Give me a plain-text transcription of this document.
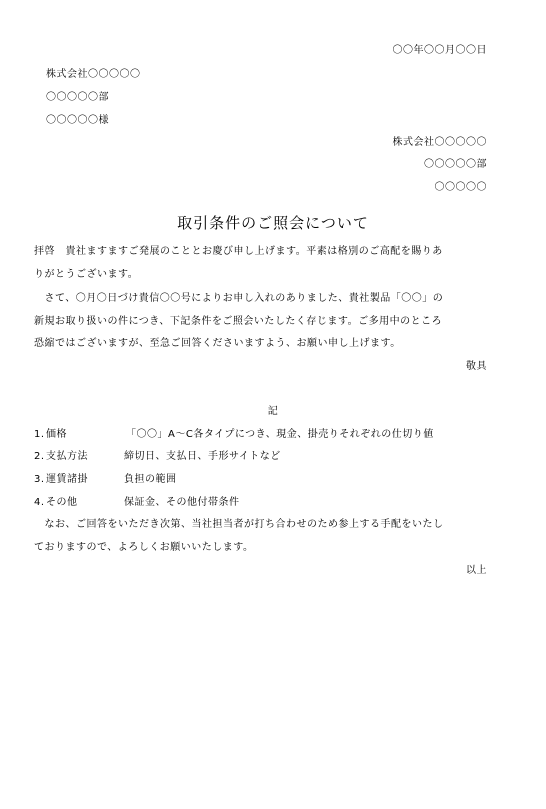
〇〇年〇〇月〇〇日
株式会社〇〇〇〇〇
〇〇〇〇〇部
〇〇〇〇〇様
株式会社〇〇〇〇〇
〇〇〇〇〇部
〇〇〇〇〇
取引条件のご照会について
拝啓　貴社ますますご発展のこととお慶び申し上げます。平素は格別のご高配を賜りあ
りがとうございます。
　さて、〇月〇日づけ貴信〇〇号によりお申し入れのありました、貴社製品「〇〇」の
新規お取り扱いの件につき、下記条件をご照会いたしたく存じます。ご多用中のところ
恐縮ではございますが、至急ご回答くださいますよう、お願い申し上げます。
敬具
記
1. 価格	「〇〇」A～C各タイプにつき、現金、掛売りそれぞれの仕切り値
2. 支払方法	締切日、支払日、手形サイトなど
3. 運賃諸掛	負担の範囲
4. その他	保証金、その他付帯条件
　なお、ご回答をいただき次第、当社担当者が打ち合わせのため参上する手配をいたし
ておりますので、よろしくお願いいたします。
以上
